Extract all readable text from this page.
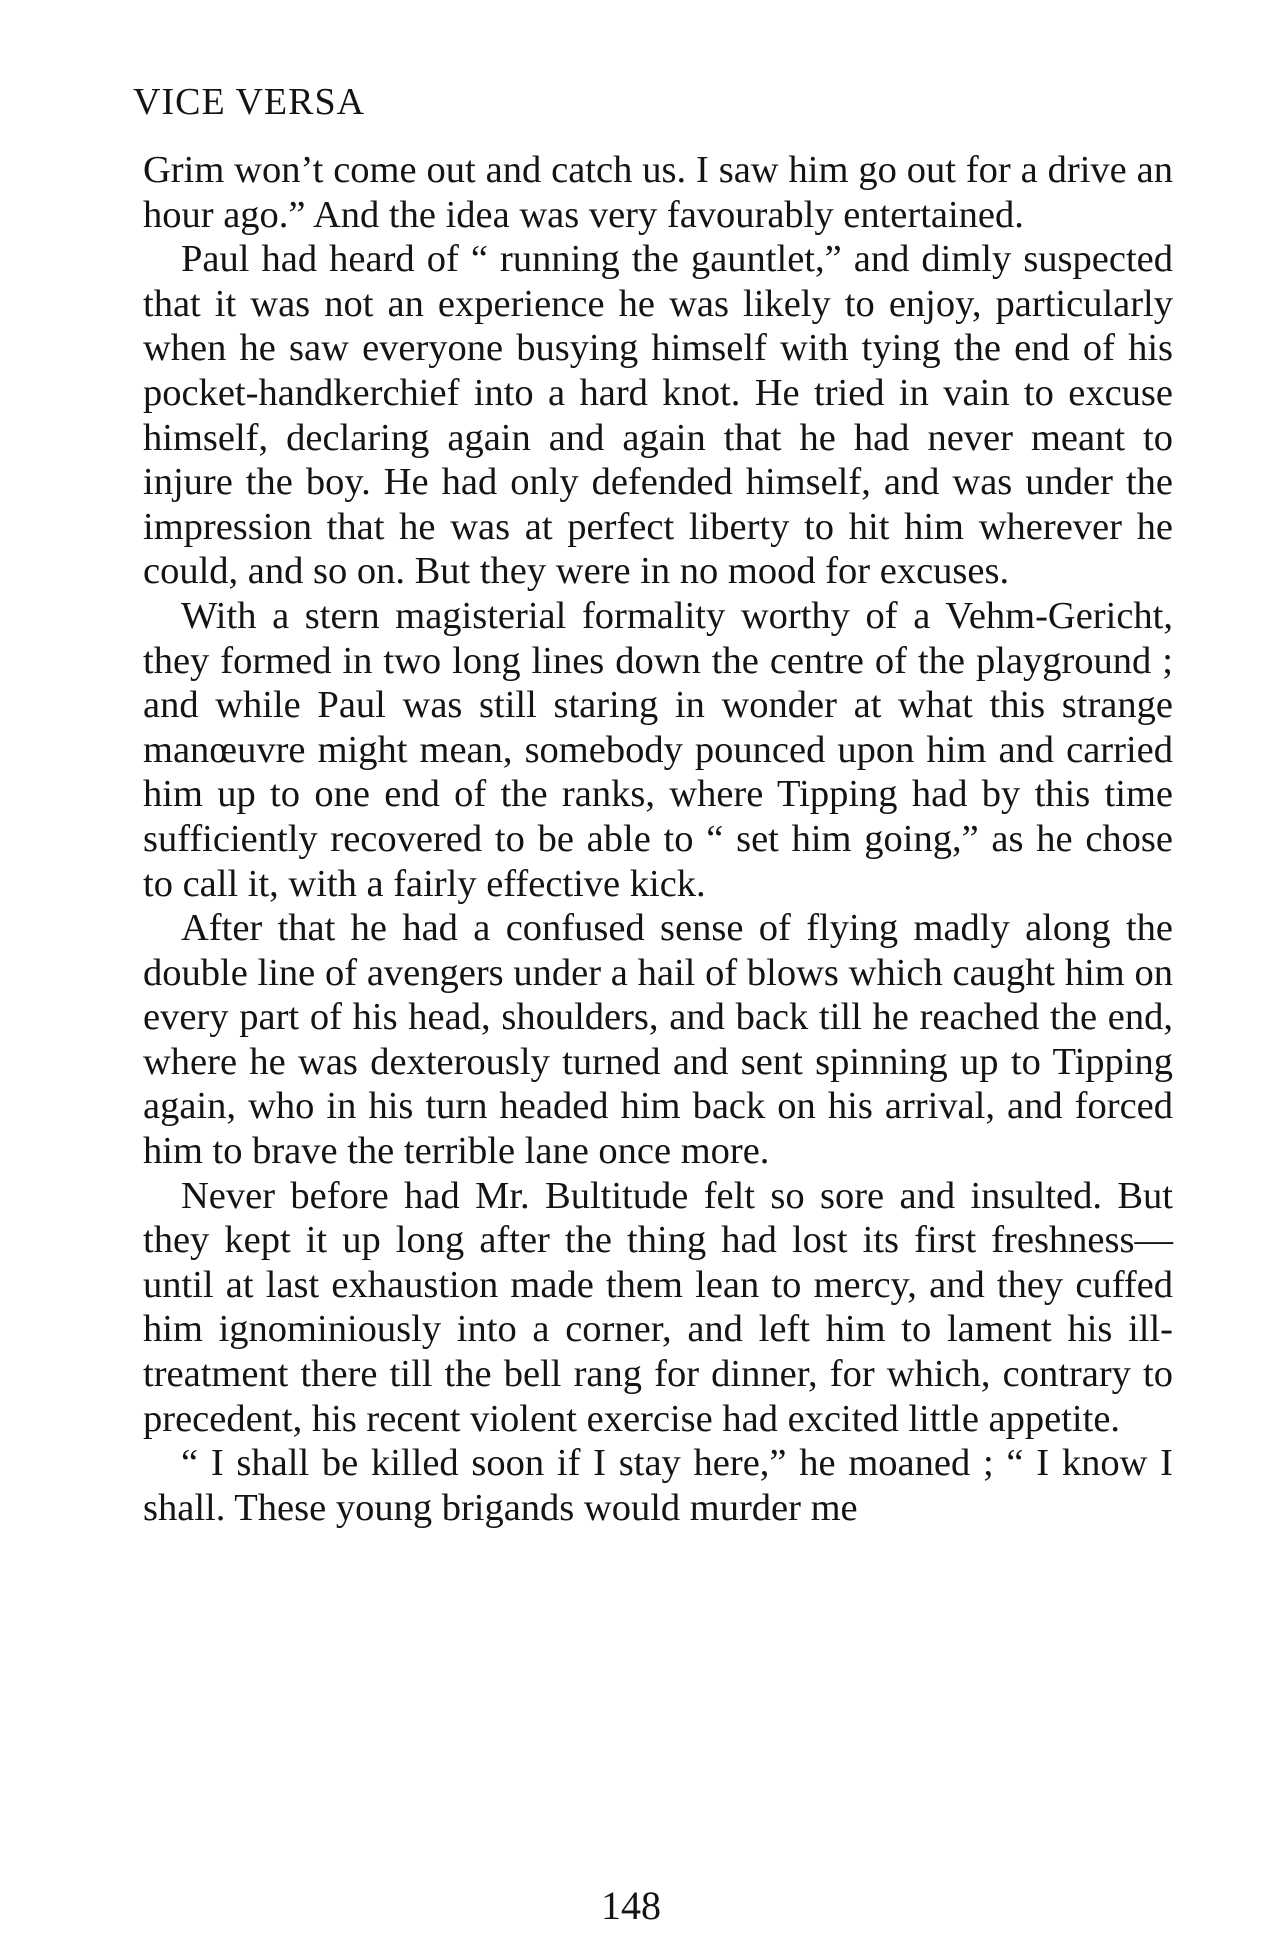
VICE VERSA

Grim won’t come out and catch us. I saw him go out for a drive an hour ago.” And the idea was very favourably entertained.

Paul had heard of “ running the gauntlet,” and dimly suspected that it was not an experience he was likely to enjoy, particularly when he saw everyone busying himself with tying the end of his pocket-handkerchief into a hard knot. He tried in vain to excuse himself, declaring again and again that he had never meant to injure the boy. He had only defended himself, and was under the impression that he was at perfect liberty to hit him wherever he could, and so on. But they were in no mood for excuses.

With a stern magisterial formality worthy of a Vehm-Gericht, they formed in two long lines down the centre of the playground ; and while Paul was still staring in wonder at what this strange manœuvre might mean, somebody pounced upon him and carried him up to one end of the ranks, where Tipping had by this time sufficiently recovered to be able to “ set him going,” as he chose to call it, with a fairly effective kick.

After that he had a confused sense of flying madly along the double line of avengers under a hail of blows which caught him on every part of his head, shoulders, and back till he reached the end, where he was dexterously turned and sent spinning up to Tipping again, who in his turn headed him back on his arrival, and forced him to brave the terrible lane once more.

Never before had Mr. Bultitude felt so sore and insulted. But they kept it up long after the thing had lost its first freshness—until at last exhaustion made them lean to mercy, and they cuffed him ignominiously into a corner, and left him to lament his ill-treatment there till the bell rang for dinner, for which, contrary to precedent, his recent violent exercise had excited little appetite.

“ I shall be killed soon if I stay here,” he moaned ; “ I know I shall. These young brigands would murder me

148
